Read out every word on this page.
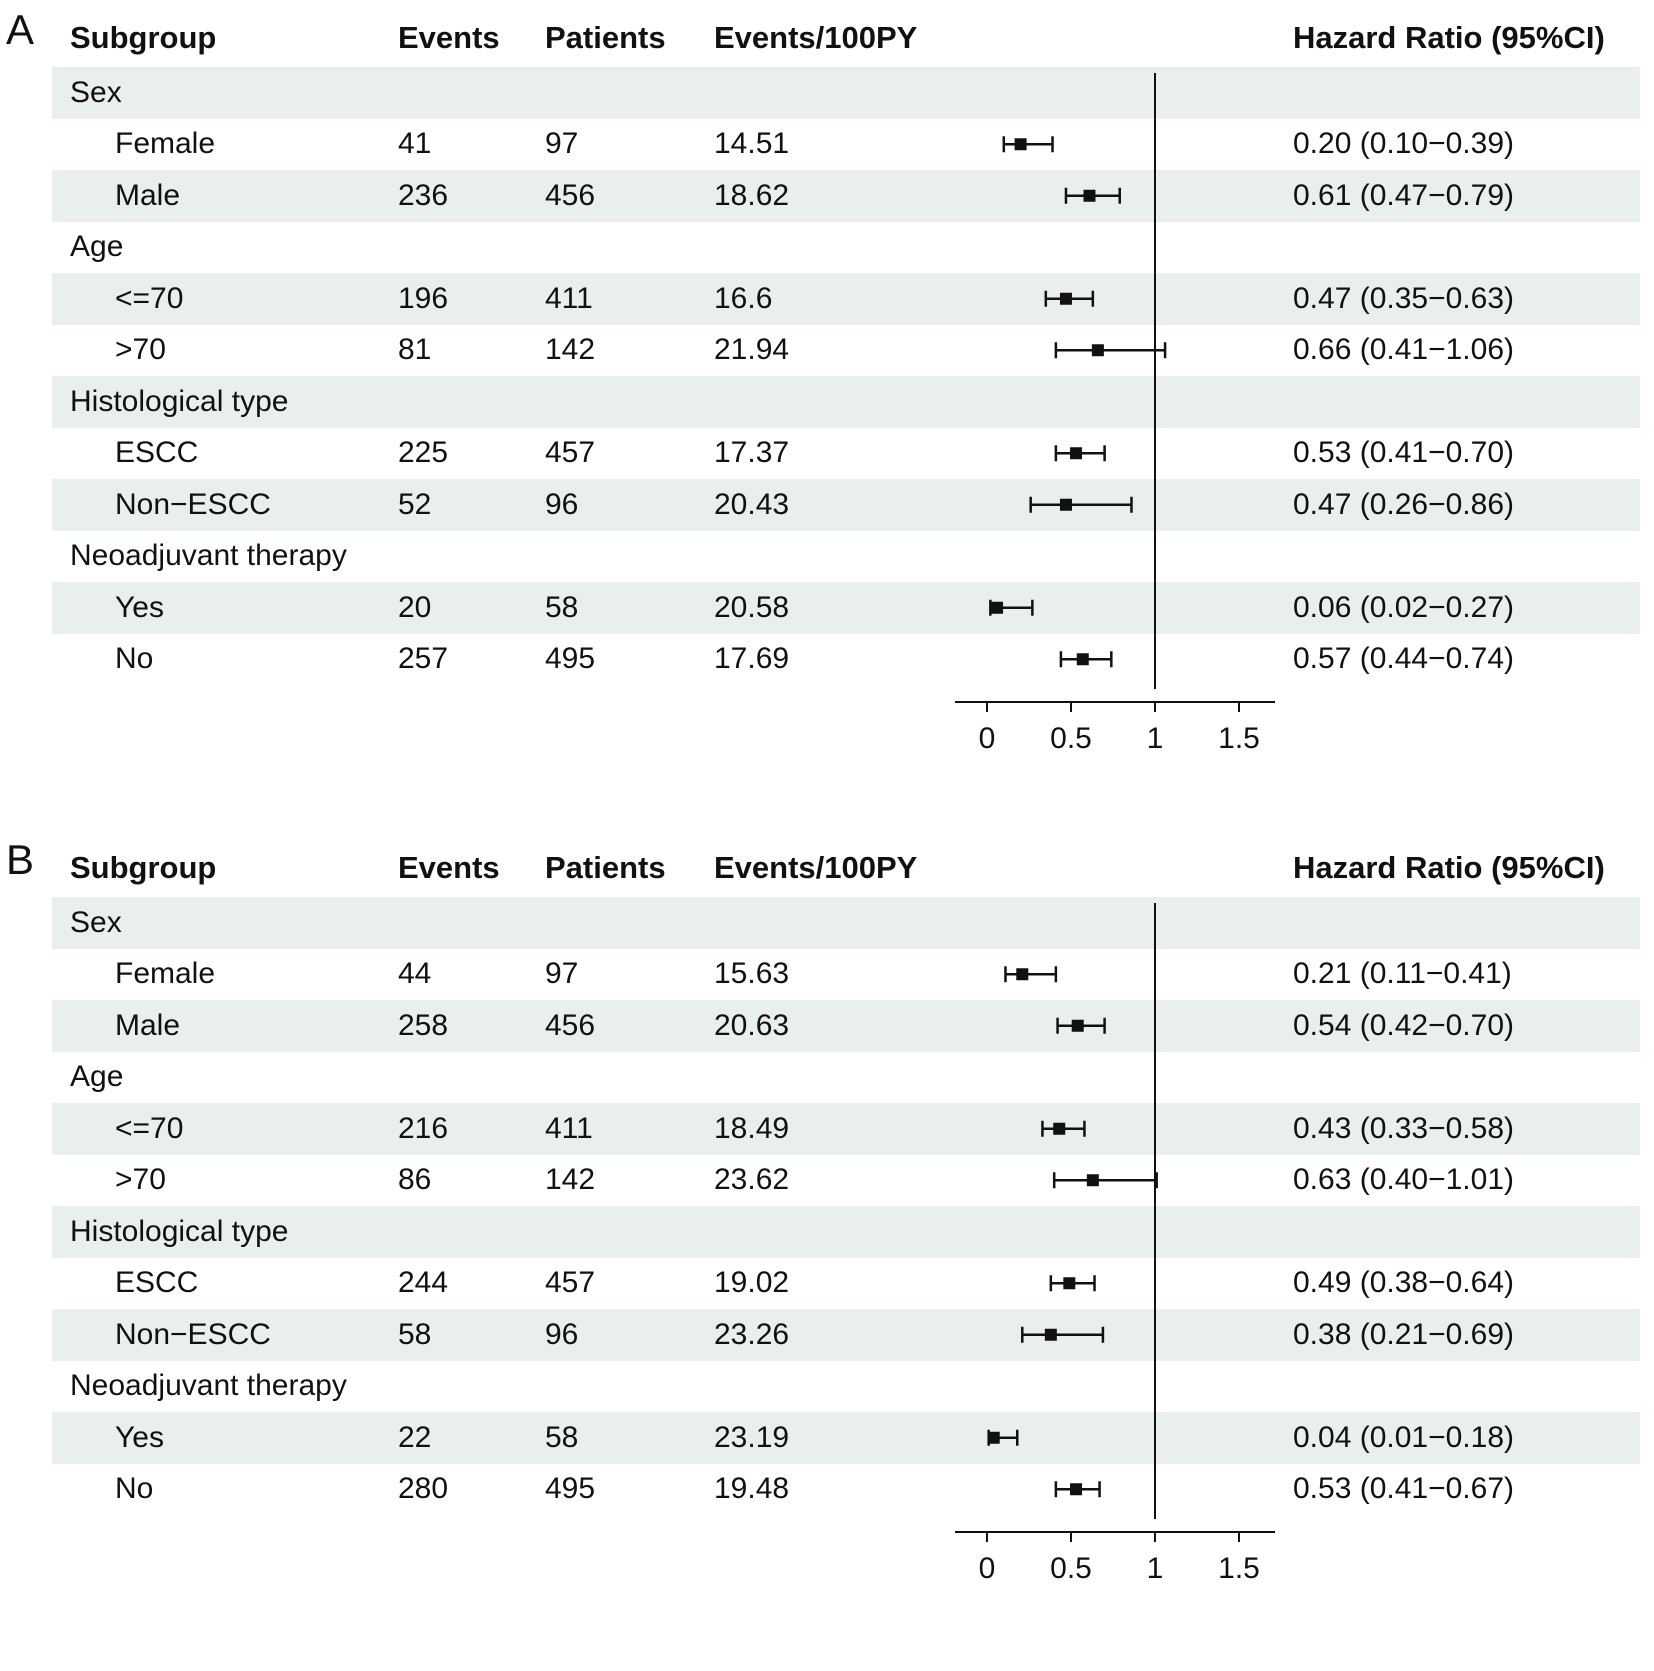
A Subgroup	Events Patients Events/100PY	Hazard Ratio (95%CI)
Sex
Female	41	97	14.51	0.20 (0.10−0.39)
Male	236	456	18.62	0.61 (0.47−0.79)
Age
<=70	196	411	16.6	0.47 (0.35−0.63)
>70	81	142	21.94	0.66 (0.41−1.06)
Histological type
ESCC	225	457	17.37	0.53 (0.41−0.70)
Non−ESCC	52	96	20.43	0.47 (0.26−0.86)
Neoadjuvant therapy
Yes	20	58	20.58	0.06 (0.02−0.27)
No	257	495	17.69	0.57 (0.44−0.74)
0 0.5 1 1.5
B Subgroup	Events Patients Events/100PY	Hazard Ratio (95%CI)
Sex
Female	44	97	15.63	0.21 (0.11−0.41)
Male	258	456	20.63	0.54 (0.42−0.70)
Age
<=70	216	411	18.49	0.43 (0.33−0.58)
>70	86	142	23.62	0.63 (0.40−1.01)
Histological type
ESCC	244	457	19.02	0.49 (0.38−0.64)
Non−ESCC	58	96	23.26	0.38 (0.21−0.69)
Neoadjuvant therapy
Yes	22	58	23.19	0.04 (0.01−0.18)
No	280	495	19.48	0.53 (0.41−0.67)
0 0.5 1 1.5
